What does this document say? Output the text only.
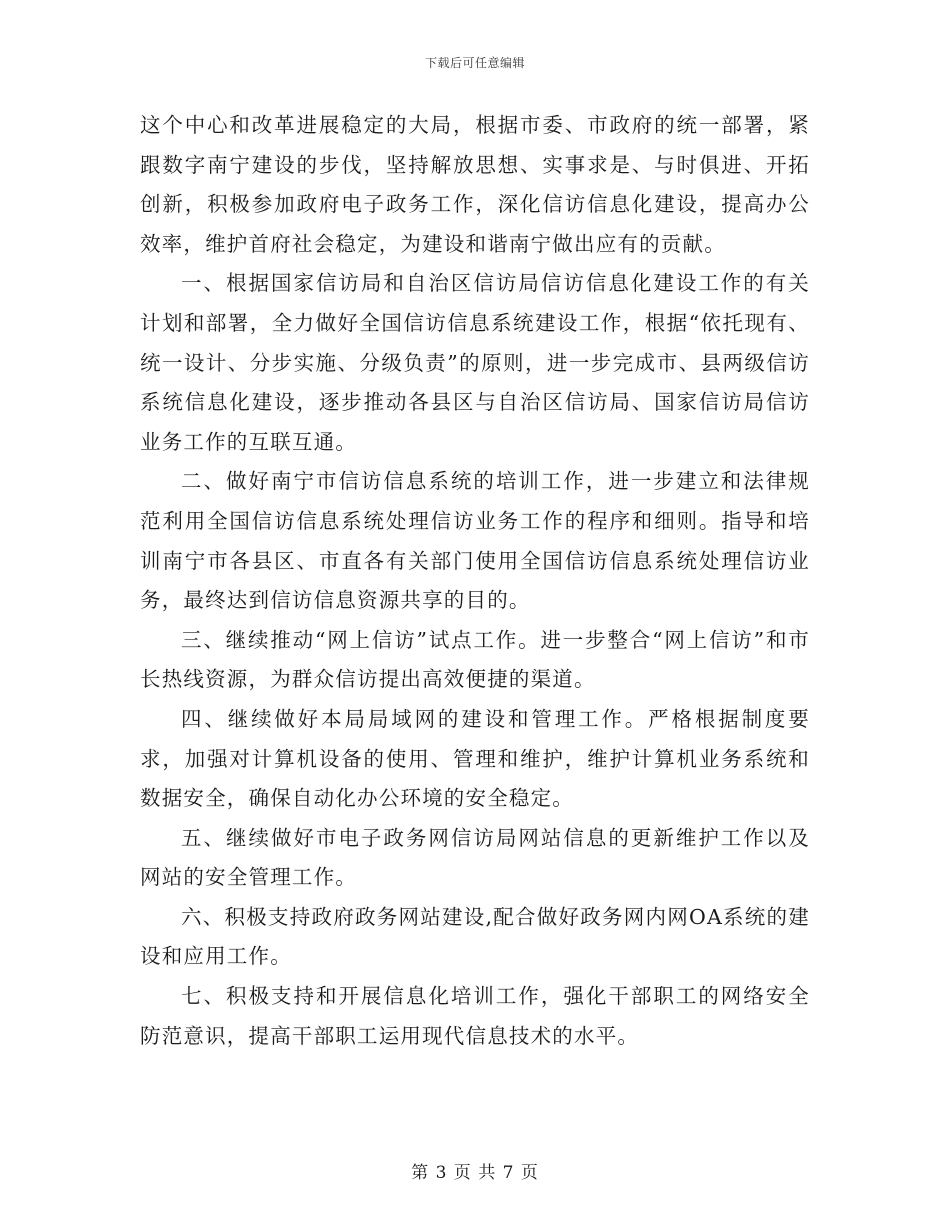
下载后可任意编辑

这个中心和改革进展稳定的大局，根据市委、市政府的统一部署，紧跟数字南宁建设的步伐，坚持解放思想、实事求是、与时俱进、开拓创新，积极参加政府电子政务工作，深化信访信息化建设，提高办公效率，维护首府社会稳定，为建设和谐南宁做出应有的贡献。

一、根据国家信访局和自治区信访局信访信息化建设工作的有关计划和部署，全力做好全国信访信息系统建设工作，根据“依托现有、统一设计、分步实施、分级负责”的原则，进一步完成市、县两级信访系统信息化建设，逐步推动各县区与自治区信访局、国家信访局信访业务工作的互联互通。

二、做好南宁市信访信息系统的培训工作，进一步建立和法律规范利用全国信访信息系统处理信访业务工作的程序和细则。指导和培训南宁市各县区、市直各有关部门使用全国信访信息系统处理信访业务，最终达到信访信息资源共享的目的。

三、继续推动“网上信访”试点工作。进一步整合“网上信访”和市长热线资源，为群众信访提出高效便捷的渠道。

四、继续做好本局局域网的建设和管理工作。严格根据制度要求，加强对计算机设备的使用、管理和维护，维护计算机业务系统和数据安全，确保自动化办公环境的安全稳定。

五、继续做好市电子政务网信访局网站信息的更新维护工作以及网站的安全管理工作。

六、积极支持政府政务网站建设,配合做好政务网内网OA系统的建设和应用工作。

七、积极支持和开展信息化培训工作，强化干部职工的网络安全防范意识，提高干部职工运用现代信息技术的水平。

第 3 页 共 7 页
